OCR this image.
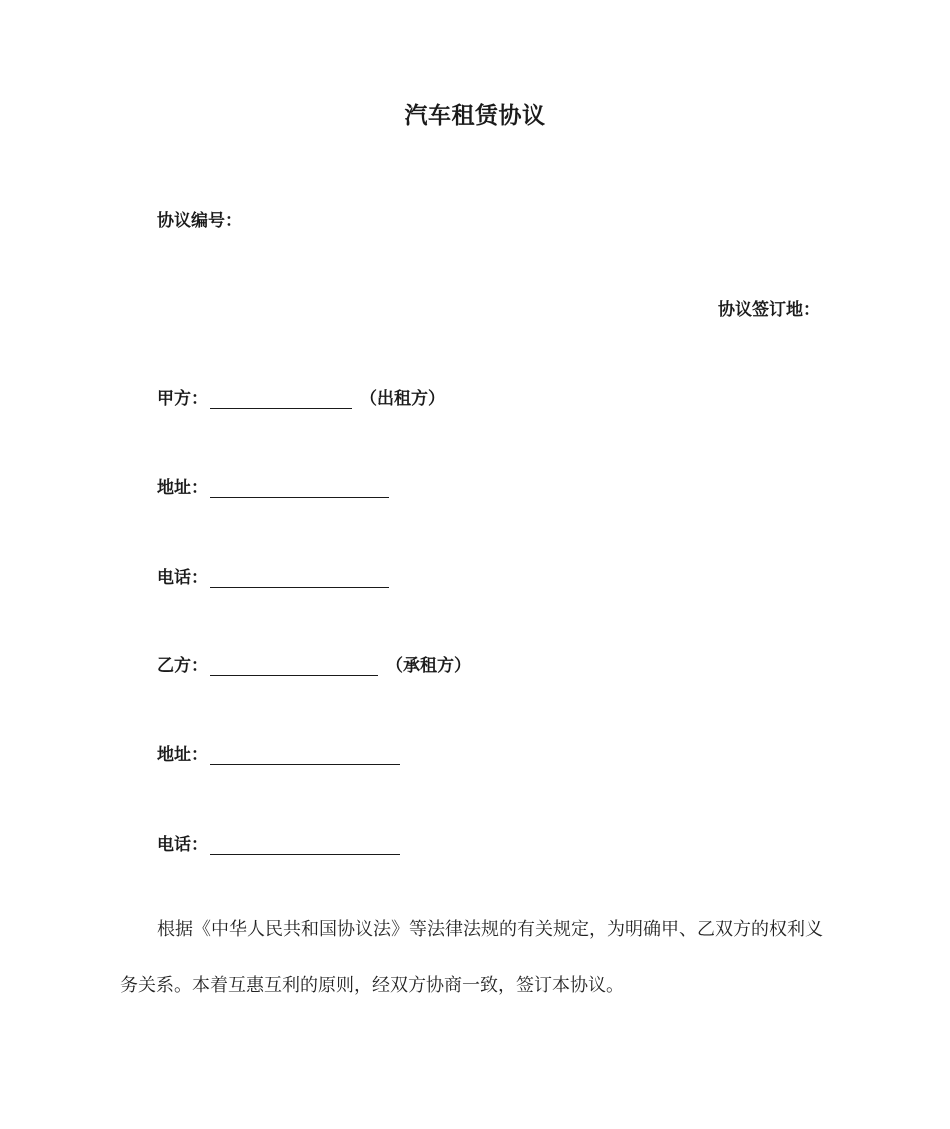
汽车租赁协议
协议编号：
协议签订地：
甲方：	（出租方）
地址：
电话：
乙方：	（承租方）
地址：
电话：
根据《中华人民共和国协议法》等法律法规的有关规定，为明确甲、乙双方的权利义务关系。本着互惠互利的原则，经双方协商一致，签订本协议。
